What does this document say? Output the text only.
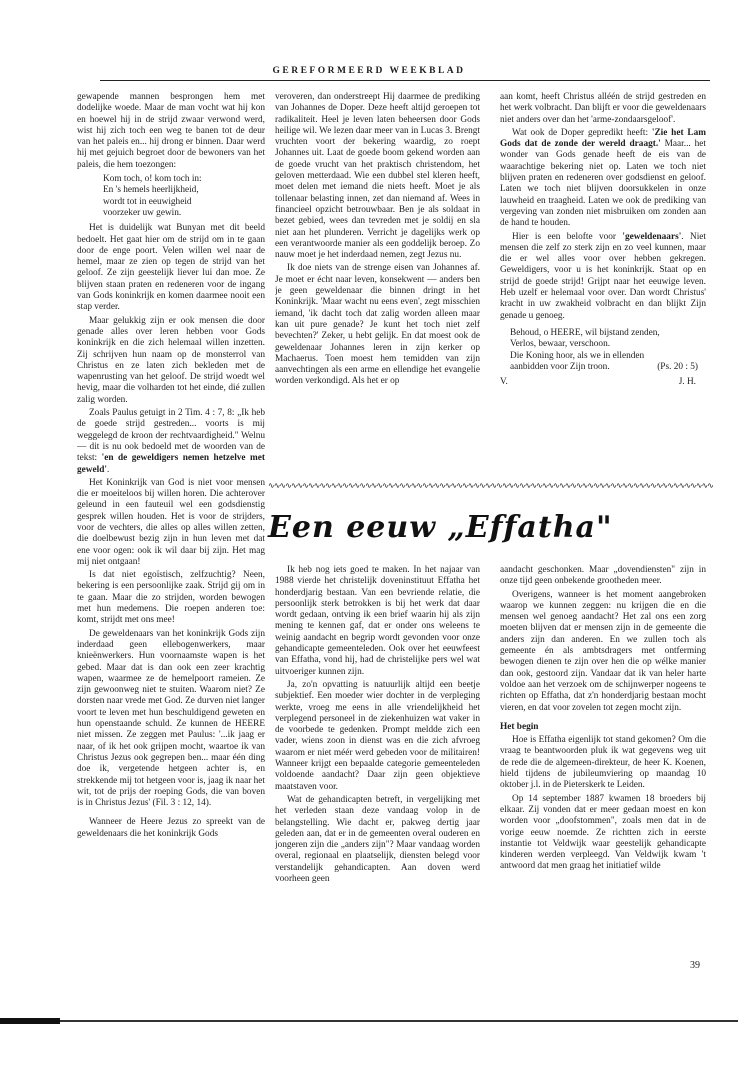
GEREFORMEERD WEEKBLAD

gewapende mannen besprongen hem met dodelijke woede. Maar de man vocht wat hij kon en hoewel hij in de strijd zwaar verwond werd, wist hij zich toch een weg te banen tot de deur van het paleis en... hij drong er binnen. Daar werd hij met gejuich begroet door de bewoners van het paleis, die hem toezongen:

Kom toch, o! kom toch in:
En 's hemels heerlijkheid,
wordt tot in eeuwigheid
voorzeker uw gewin.

Het is duidelijk wat Bunyan met dit beeld bedoelt. Het gaat hier om de strijd om in te gaan door de enge poort. Velen willen wel naar de hemel, maar ze zien op tegen de strijd van het geloof. Ze zijn geestelijk liever lui dan moe. Ze blijven staan praten en redeneren voor de ingang van Gods koninkrijk en komen daarmee nooit een stap verder.

Maar gelukkig zijn er ook mensen die door genade alles over leren hebben voor Gods koninkrijk en die zich helemaal willen inzetten. Zij schrijven hun naam op de monsterrol van Christus en ze laten zich bekleden met de wapenrusting van het geloof. De strijd woedt wel hevig, maar die volharden tot het einde, dié zullen zalig worden.

Zoals Paulus getuigt in 2 Tim. 4 : 7, 8: „Ik heb de goede strijd gestreden... voorts is mij weggelegd de kroon der rechtvaardigheid." Welnu — dit is nu ook bedoeld met de woorden van de tekst: 'en de geweldigers nemen hetzelve met geweld'.

Het Koninkrijk van God is niet voor mensen die er moeiteloos bij willen horen. Die achterover geleund in een fauteuil wel een godsdienstig gesprek willen houden. Het is voor de strijders, voor de vechters, die alles op alles willen zetten, die doelbewust bezig zijn in hun leven met dat ene voor ogen: ook ik wil daar bij zijn. Het mag mij niet ontgaan!

Is dat niet egoïstisch, zelfzuchtig? Neen, bekering is een persoonlijke zaak. Strijd gij om in te gaan. Maar die zo strijden, worden bewogen met hun medemens. Die roepen anderen toe: komt, strijdt met ons mee!

De geweldenaars van het koninkrijk Gods zijn inderdaad geen ellebogenwerkers, maar knieënwerkers. Hun voornaamste wapen is het gebed. Maar dat is dan ook een zeer krachtig wapen, waarmee ze de hemelpoort rameien. Ze zijn gewoonweg niet te stuiten. Waarom niet? Ze dorsten naar vrede met God. Ze durven niet langer voort te leven met hun beschuldigend geweten en hun openstaande schuld. Ze kunnen de HEERE niet missen. Ze zeggen met Paulus: '...ik jaag er naar, of ik het ook grijpen mocht, waartoe ik van Christus Jezus ook gegrepen ben... maar één ding doe ik, vergetende hetgeen achter is, en strekkende mij tot hetgeen voor is, jaag ik naar het wit, tot de prijs der roeping Gods, die van boven is in Christus Jezus' (Fil. 3 : 12, 14).

Wanneer de Heere Jezus zo spreekt van de geweldenaars die het koninkrijk Gods

veroveren, dan onderstreept Hij daarmee de prediking van Johannes de Doper. Deze heeft altijd geroepen tot radikaliteit. Heel je leven laten beheersen door Gods heilige wil. We lezen daar meer van in Lucas 3. Brengt vruchten voort der bekering waardig, zo roept Johannes uit. Laat de goede boom gekend worden aan de goede vrucht van het praktisch christendom, het geloven metterdaad. Wie een dubbel stel kleren heeft, moet delen met iemand die niets heeft. Moet je als tollenaar belasting innen, zet dan niemand af. Wees in financieel opzicht betrouwbaar. Ben je als soldaat in bezet gebied, wees dan tevreden met je soldij en sla niet aan het plunderen. Verricht je dagelijks werk op een verantwoorde manier als een goddelijk beroep. Zo nauw moet je het inderdaad nemen, zegt Jezus nu.

Ik doe niets van de strenge eisen van Johannes af. Je moet er écht naar leven, konsekwent — anders ben je geen geweldenaar die binnen dringt in het Koninkrijk. 'Maar wacht nu eens even', zegt misschien iemand, 'ik dacht toch dat zalig worden alleen maar kan uit pure genade? Je kunt het toch niet zelf bevechten?' Zeker, u hebt gelijk. En dat moest ook de geweldenaar Johannes leren in zijn kerker op Machaerus. Toen moest hem temidden van zijn aanvechtingen als een arme en ellendige het evangelie worden verkondigd. Als het er op

aan komt, heeft Christus alléén de strijd gestreden en het werk volbracht. Dan blijft er voor die geweldenaars niet anders over dan het 'arme-zondaarsgeloof'.

Wat ook de Doper gepredikt heeft: 'Zie het Lam Gods dat de zonde der wereld draagt.' Maar... het wonder van Gods genade heeft de eis van de waarachtige bekering niet op. Laten we toch niet blijven praten en redeneren over godsdienst en geloof. Laten we toch niet blijven doorsukkelen in onze lauwheid en traagheid. Laten we ook de prediking van vergeving van zonden niet misbruiken om zonden aan de hand te houden.

Hier is een belofte voor 'geweldenaars'. Niet mensen die zelf zo sterk zijn en zo veel kunnen, maar die er wel alles voor over hebben gekregen. Geweldigers, voor u is het koninkrijk. Staat op en strijd de goede strijd! Grijpt naar het eeuwige leven. Heb uzelf er helemaal voor over. Dan wordt Christus' kracht in uw zwakheid volbracht en dan blijkt Zijn genade u genoeg.

Behoud, o HEERE, wil bijstand zenden,
Verlos, bewaar, verschoon.
Die Koning hoor, als we in ellenden
aanbidden voor Zijn troon.	(Ps. 20 : 5)
V.	J. H.
∿∿∿∿∿∿∿∿∿∿∿∿∿∿∿∿∿∿∿∿∿∿∿∿∿∿∿∿∿∿∿∿∿∿∿∿∿∿∿∿∿∿∿∿∿∿∿∿∿∿∿∿∿∿∿∿∿∿∿∿∿∿∿∿∿∿∿∿∿∿∿∿∿∿∿∿∿∿
Een eeuw „Effatha"

Ik heb nog iets goed te maken. In het najaar van 1988 vierde het christelijk doveninstituut Effatha het honderdjarig bestaan. Van een bevriende relatie, die persoonlijk sterk betrokken is bij het werk dat daar wordt gedaan, ontving ik een brief waarin hij als zijn mening te kennen gaf, dat er onder ons weleens te weinig aandacht en begrip wordt gevonden voor onze gehandicapte gemeenteleden. Ook over het eeuwfeest van Effatha, vond hij, had de christelijke pers wel wat uitvoeriger kunnen zijn.

Ja, zo'n opvatting is natuurlijk altijd een beetje subjektief. Een moeder wier dochter in de verpleging werkte, vroeg me eens in alle vriendelijkheid het verplegend personeel in de ziekenhuizen wat vaker in de voorbede te gedenken. Prompt meldde zich een vader, wiens zoon in dienst was en die zich afvroeg waarom er niet méér werd gebeden voor de militairen! Wanneer krijgt een bepaalde categorie gemeenteleden voldoende aandacht? Daar zijn geen objektieve maatstaven voor.

Wat de gehandicapten betreft, in vergelijking met het verleden staan deze vandaag volop in de belangstelling. Wie dacht er, pakweg dertig jaar geleden aan, dat er in de gemeenten overal ouderen en jongeren zijn die „anders zijn"? Maar vandaag worden overal, regionaal en plaatselijk, diensten belegd voor verstandelijk gehandicapten. Aan doven werd voorheen geen

aandacht geschonken. Maar „dovendiensten" zijn in onze tijd geen onbekende grootheden meer.

Overigens, wanneer is het moment aangebroken waarop we kunnen zeggen: nu krijgen die en die mensen wel genoeg aandacht? Het zal ons een zorg moeten blijven dat er mensen zijn in de gemeente die anders zijn dan anderen. En we zullen toch als gemeente én als ambtsdragers met ontferming bewogen dienen te zijn over hen die op wélke manier dan ook, gestoord zijn. Vandaar dat ik van heler harte voldoe aan het verzoek om de schijnwerper nogeens te richten op Effatha, dat z'n honderdjarig bestaan mocht vieren, en dat voor zovelen tot zegen mocht zijn.

Het begin

Hoe is Effatha eigenlijk tot stand gekomen? Om die vraag te beantwoorden pluk ik wat gegevens weg uit de rede die de algemeen-direkteur, de heer K. Koenen, hield tijdens de jubileumviering op maandag 10 oktober j.l. in de Pieterskerk te Leiden.

Op 14 september 1887 kwamen 18 broeders bij elkaar. Zij vonden dat er meer gedaan moest en kon worden voor „doofstommen", zoals men dat in de vorige eeuw noemde. Ze richtten zich in eerste instantie tot Veldwijk waar geestelijk gehandicapte kinderen werden verpleegd. Van Veldwijk kwam 't antwoord dat men graag het initiatief wilde

39
